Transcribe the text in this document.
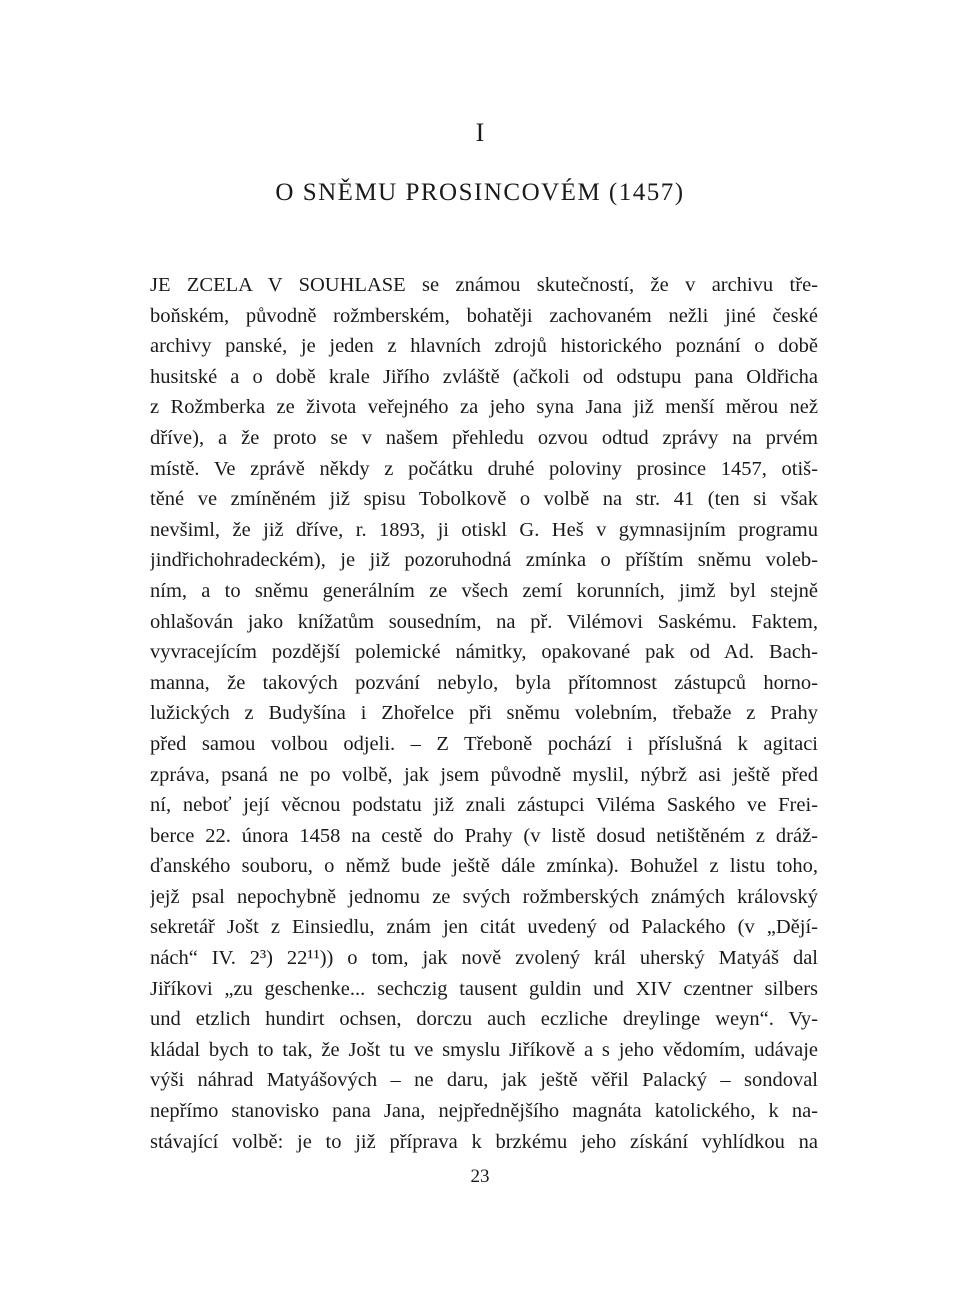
I
O SNĚMU PROSINCOVÉM (1457)
JE ZCELA V SOUHLASE se známou skutečností, že v archivu tře-
boňském, původně rožmberském, bohatěji zachovaném nežli jiné české
archivy panské, je jeden z hlavních zdrojů historického poznání o době
husitské a o době krale Jiřího zvláště (ačkoli od odstupu pana Oldřicha
z Rožmberka ze života veřejného za jeho syna Jana již menší měrou než
dříve), a že proto se v našem přehledu ozvou odtud zprávy na prvém
místě. Ve zprávě někdy z počátku druhé poloviny prosince 1457, otiš-
těné ve zmíněném již spisu Tobolkově o volbě na str. 41 (ten si však
nevšiml, že již dříve, r. 1893, ji otiskl G. Heš v gymnasijním programu
jindřichohradeckém), je již pozoruhodná zmínka o příštím sněmu voleb-
ním, a to sněmu generálním ze všech zemí korunních, jimž byl stejně
ohlašován jako knížatům sousedním, na př. Vilémovi Saskému. Faktem,
vyvracejícím pozdější polemické námitky, opakované pak od Ad. Bach-
manna, že takových pozvání nebylo, byla přítomnost zástupců horno-
lužických z Budyšína i Zhořelce při sněmu volebním, třebaže z Prahy
před samou volbou odjeli. – Z Třeboně pochází i příslušná k agitaci
zpráva, psaná ne po volbě, jak jsem původně myslil, nýbrž asi ještě před
ní, neboť její věcnou podstatu již znali zástupci Viléma Saského ve Frei-
berce 22. února 1458 na cestě do Prahy (v listě dosud netištěném z dráž-
ďanského souboru, o němž bude ještě dále zmínka). Bohužel z listu toho,
jejž psal nepochybně jednomu ze svých rožmberských známých královský
sekretář Jošt z Einsiedlu, znám jen citát uvedený od Palackého (v „Dějí-
nách“ IV. 2³) 22¹¹)) o tom, jak nově zvolený král uherský Matyáš dal
Jiříkovi „zu geschenke... sechczig tausent guldin und XIV czentner silbers
und etzlich hundirt ochsen, dorczu auch eczliche dreylinge weyn“. Vy-
kládal bych to tak, že Jošt tu ve smyslu Jiříkově a s jeho vědomím, udávaje
výši náhrad Matyášových – ne daru, jak ještě věřil Palacký – sondoval
nepřímo stanovisko pana Jana, nejpřednějšího magnáta katolického, k na-
stávající volbě: je to již příprava k brzkému jeho získání vyhlídkou na
23
